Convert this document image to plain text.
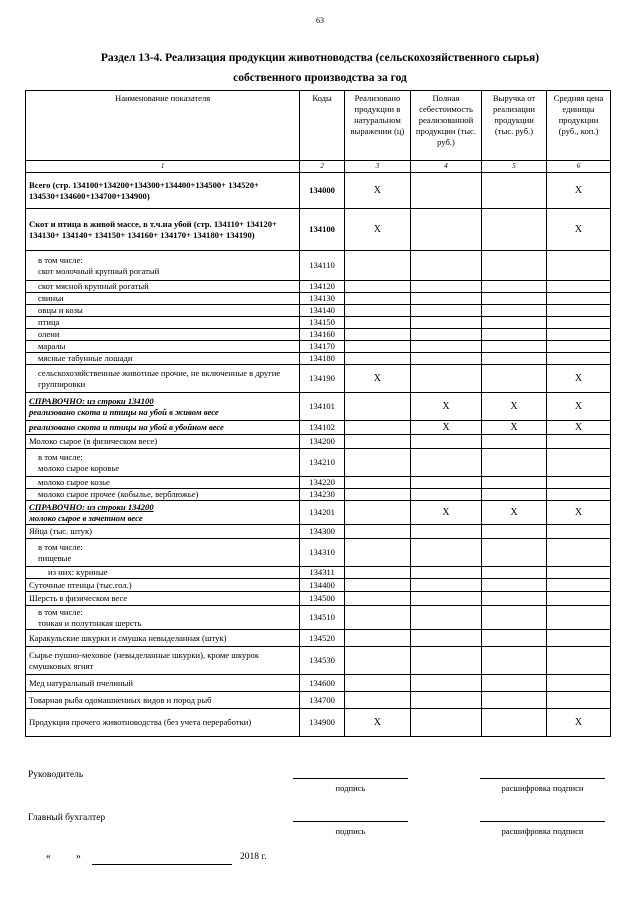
63
Раздел 13-4. Реализация продукции животноводства (сельскохозяйственного сырья)
собственного производства за год
Наименование показателя	Коды	Реализовано продукции в натуральном выражении (ц)	Полная себестоимость реализованной продукции (тыс. руб.)	Выручка от реализации продукции (тыс. руб.)	Средняя цена единицы продукции (руб., коп.)
1	2	3	4	5	6
Всего (стр. 134100+134200+134300+134400+134500+ 134520+ 134530+134600+134700+134900)	134000	X			X
Скот и птица в живой массе, в т.ч.на убой (стр. 134110+ 134120+ 134130+ 134140+ 134150+ 134160+ 134170+ 134180+ 134190)	134100	X			X

в том числе:
скот молочный крупный рогатый	134110				
скот мясной крупный рогатый	134120				
свиньи	134130				
овцы и козы	134140				
птица	134150				
олени	134160				
маралы	134170				
мясные табунные лошади	134180				
сельскохозяйственные животные прочие, не включенные в другие группировки	134190	X			X

СПРАВОЧНО: из строки 134100
реализовано скота и птицы на убой в живом весе	134101		X	X	X
реализовано скота и птицы на убой в убойном весе	134102		X	X	X
Молоко сырое (в физическом весе)	134200				

в том числе:
молоко сырое коровье	134210				
молоко сырое козье	134220				
молоко сырое прочее (кобылье, верблюжье)	134230				

СПРАВОЧНО: из строки 134200
молоко сырое в зачетном весе	134201		X	X	X
Яйца (тыс. штук)	134300				

в том числе:
пищевые	134310				
из них: куриные	134311				
Суточные птенцы (тыс.гол.)	134400				
Шерсть в физическом весе	134500				

в том числе:
тонкая и полутонкая шерсть	134510				
Каракульские шкурки и смушка невыделанная (штук)	134520				
Сырье пушно-меховое (невыделанные шкурки), кроме шкурок смушковых ягнят	134530				
Мед натуральный пчелиный	134600				
Товарная рыба одомашненных видов и пород рыб	134700				
Продукция прочего животноводства (без учета переработки)	134900	X			X
Руководитель
подпись	расшифровка подписи
Главный бухгалтер
подпись	расшифровка подписи
«	»	2018 г.
